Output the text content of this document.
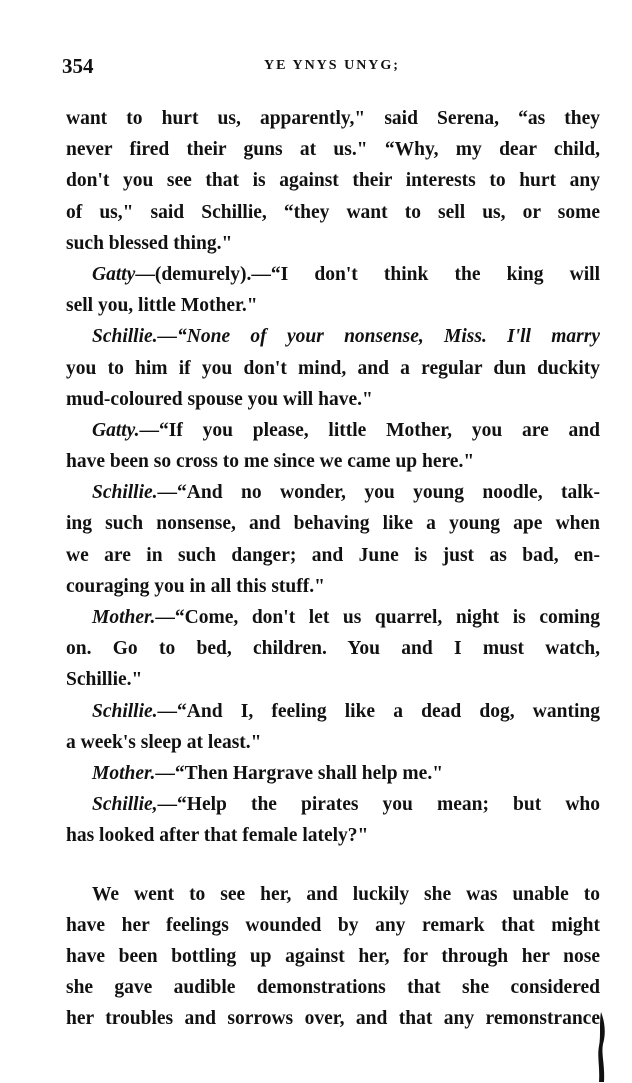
354	YE YNYS UNYG;
want to hurt us, apparently," said Serena, “as they
never fired their guns at us." “Why, my dear child,
don't you see that is against their interests to hurt any
of us," said Schillie, “they want to sell us, or some
such blessed thing."
Gatty—(demurely).—“I don't think the king will
sell you, little Mother."
Schillie.—“None of your nonsense, Miss. I'll marry
you to him if you don't mind, and a regular dun duckity
mud-coloured spouse you will have."
Gatty.—“If you please, little Mother, you are and
have been so cross to me since we came up here."
Schillie.—“And no wonder, you young noodle, talk-
ing such nonsense, and behaving like a young ape when
we are in such danger; and June is just as bad, en-
couraging you in all this stuff."
Mother.—“Come, don't let us quarrel, night is coming
on. Go to bed, children. You and I must watch,
Schillie."
Schillie.—“And I, feeling like a dead dog, wanting
a week's sleep at least."
Mother.—“Then Hargrave shall help me."
Schillie,—“Help the pirates you mean; but who
has looked after that female lately?"
We went to see her, and luckily she was unable to
have her feelings wounded by any remark that might
have been bottling up against her, for through her nose
she gave audible demonstrations that she considered
her troubles and sorrows over, and that any remonstrance
